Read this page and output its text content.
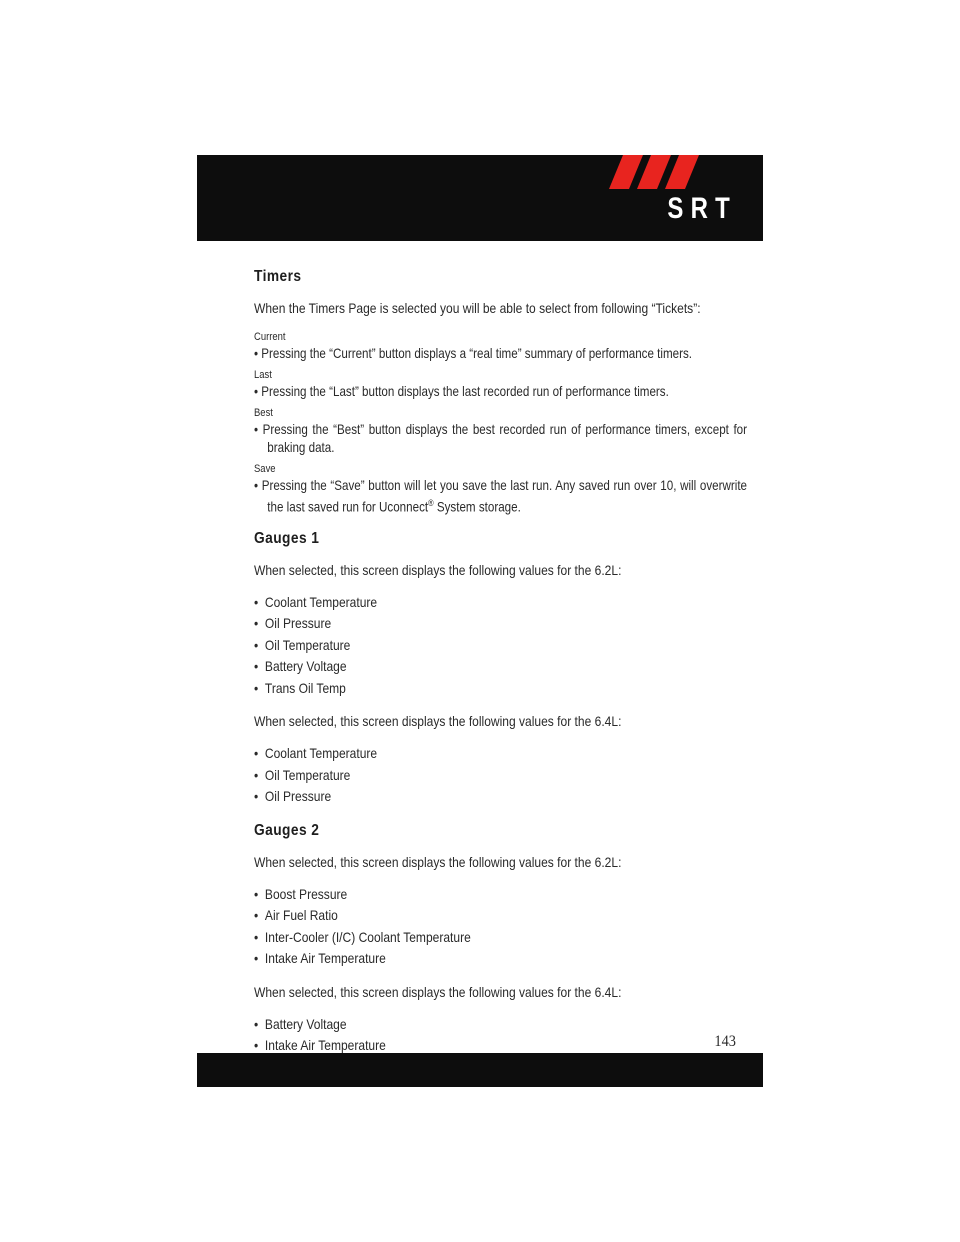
SRT
Timers

When the Timers Page is selected you will be able to select from following “Tickets”:

Current
• Pressing the “Current” button displays a “real time” summary of performance timers.
Last
• Pressing the “Last” button displays the last recorded run of performance timers.
Best
• Pressing the “Best” button displays the best recorded run of performance timers, except for braking data.
Save
• Pressing the “Save” button will let you save the last run. Any saved run over 10, will overwrite the last saved run for Uconnect® System storage.
Gauges 1

When selected, this screen displays the following values for the 6.2L:

•  Coolant Temperature
•  Oil Pressure
•  Oil Temperature
•  Battery Voltage
•  Trans Oil Temp

When selected, this screen displays the following values for the 6.4L:

•  Coolant Temperature
•  Oil Temperature
•  Oil Pressure
Gauges 2

When selected, this screen displays the following values for the 6.2L:

•  Boost Pressure
•  Air Fuel Ratio
•  Inter-Cooler (I/C) Coolant Temperature
•  Intake Air Temperature

When selected, this screen displays the following values for the 6.4L:

•  Battery Voltage
•  Intake Air Temperature
•	143
